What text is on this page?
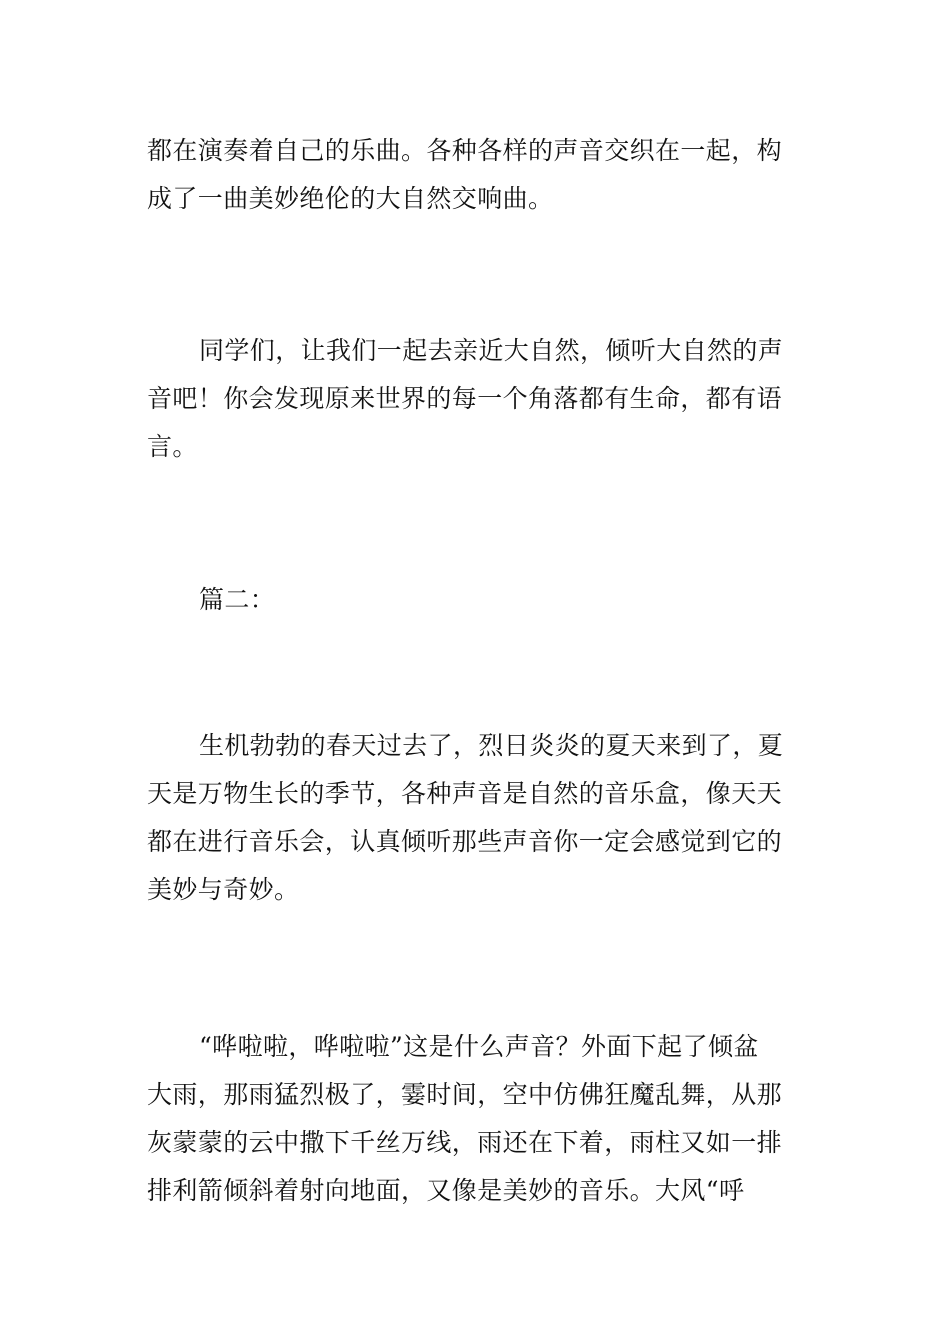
都在演奏着自己的乐曲。各种各样的声音交织在一起，构
成了一曲美妙绝伦的大自然交响曲。

同学们，让我们一起去亲近大自然，倾听大自然的声
音吧！你会发现原来世界的每一个角落都有生命，都有语
言。

篇二：

生机勃勃的春天过去了，烈日炎炎的夏天来到了，夏
天是万物生长的季节，各种声音是自然的音乐盒，像天天
都在进行音乐会，认真倾听那些声音你一定会感觉到它的
美妙与奇妙。

“哗啦啦，哗啦啦”这是什么声音？外面下起了倾盆
大雨，那雨猛烈极了，霎时间，空中仿佛狂魔乱舞，从那
灰蒙蒙的云中撒下千丝万线，雨还在下着，雨柱又如一排
排利箭倾斜着射向地面，又像是美妙的音乐。大风“呼
